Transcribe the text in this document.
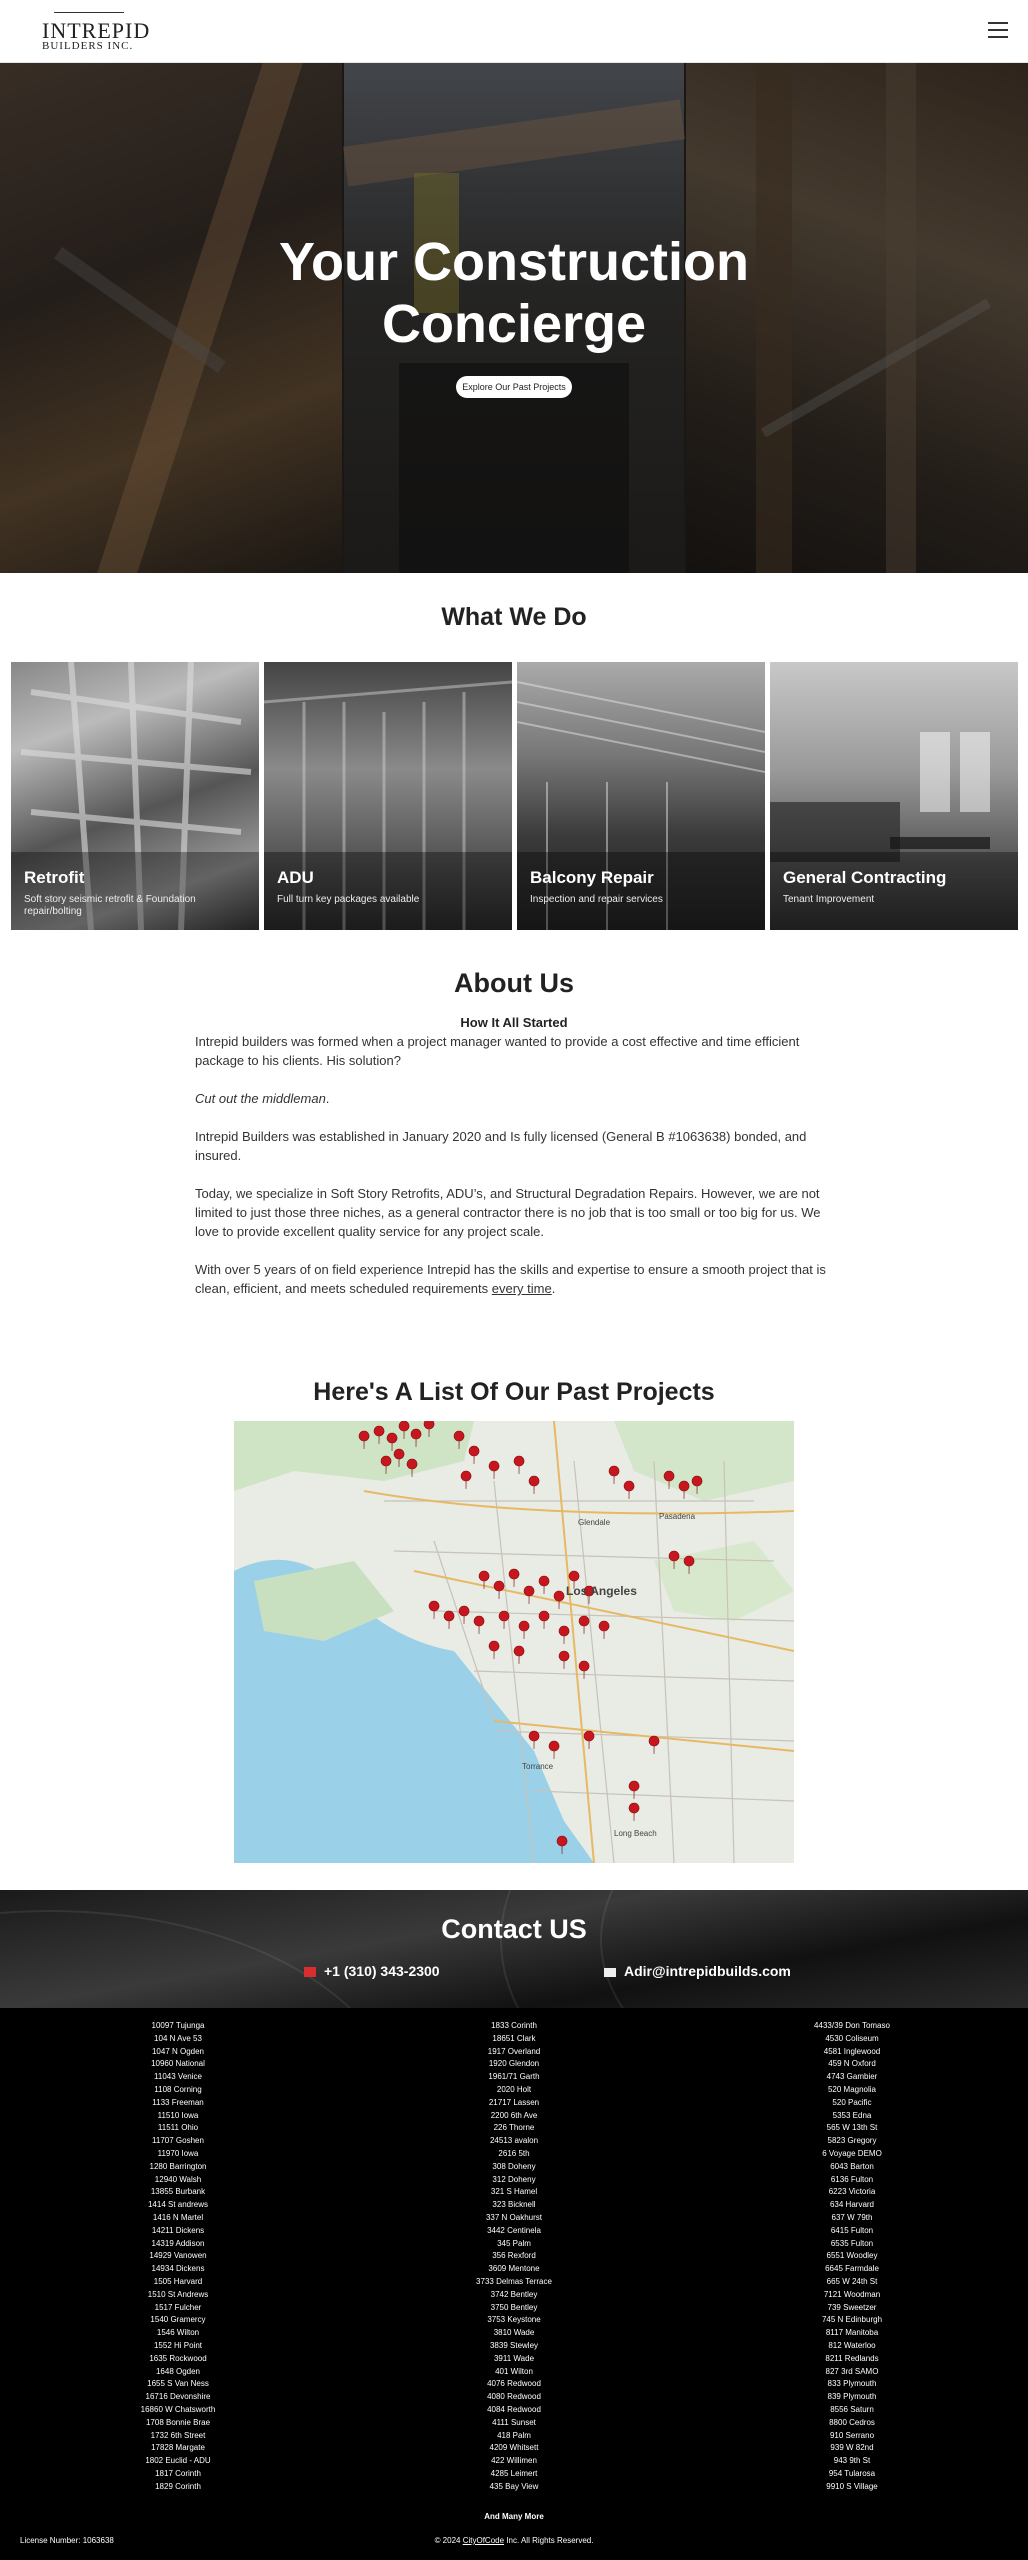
INTREPID
BUILDERS INC.
Your Construction
Concierge
Explore Our Past Projects
What We Do
Retrofit
Soft story seismic retrofit & Foundation repair/bolting
ADU
Full turn key packages available
Balcony Repair
Inspection and repair services
General Contracting
Tenant Improvement
About Us
How It All Started

Intrepid builders was formed when a project manager wanted to provide a cost effective and time efficient package to his clients. His solution?

Cut out the middleman.

Intrepid Builders was established in January 2020 and Is fully licensed (General B #1063638) bonded, and insured.

Today, we specialize in Soft Story Retrofits, ADU’s, and Structural Degradation Repairs. However, we are not limited to just those three niches, as a general contractor there is no job that is too small or too big for us. We love to provide excellent quality service for any project scale.

With over 5 years of on field experience Intrepid has the skills and expertise to ensure a smooth project that is clean, efficient, and meets scheduled requirements every time.

Here's A List Of Our Past Projects
Glendale
Pasadena
Los Angeles
Torrance
Long Beach
Contact US
+1 (310) 343-2300	Adir@intrepidbuilds.com
10097 Tujunga
104 N Ave 53
1047 N Ogden
10960 National
11043 Venice
1108 Corning
1133 Freeman
11510 Iowa
11511 Ohio
11707 Goshen
11970 Iowa
1280 Barrington
12940 Walsh
13855 Burbank
1414 St andrews
1416 N Martel
14211 Dickens
14319 Addison
14929 Vanowen
14934 Dickens
1505 Harvard
1510 St Andrews
1517 Fulcher
1540 Gramercy
1546 Wilton
1552 Hi Point
1635 Rockwood
1648 Ogden
1655 S Van Ness
16716 Devonshire
16860 W Chatsworth
1708 Bonnie Brae
1732 6th Street
17828 Margate
1802 Euclid - ADU
1817 Corinth
1829 Corinth
1833 Corinth
18651 Clark
1917 Overland
1920 Glendon
1961/71 Garth
2020 Holt
21717 Lassen
2200 6th Ave
226 Thorne
24513 avalon
2616 5th
308 Doheny
312 Doheny
321 S Hamel
323 Bicknell
337 N Oakhurst
3442 Centinela
345 Palm
356 Rexford
3609 Mentone
3733 Delmas Terrace
3742 Bentley
3750 Bentley
3753 Keystone
3810 Wade
3839 Stewley
3911 Wade
401 Wilton
4076 Redwood
4080 Redwood
4084 Redwood
4111 Sunset
418 Palm
4209 Whitsett
422 Willimen
4285 Leimert
435 Bay View
4433/39 Don Tomaso
4530 Coliseum
4581 Inglewood
459 N Oxford
4743 Gambier
520 Magnolia
520 Pacific
5353 Edna
565 W 13th St
5823 Gregory
6 Voyage DEMO
6043 Barton
6136 Fulton
6223 Victoria
634 Harvard
637 W 79th
6415 Fulton
6535 Fulton
6551 Woodley
6645 Farmdale
665 W 24th St
7121 Woodman
739 Sweetzer
745 N Edinburgh
8117 Manitoba
812 Waterloo
8211 Redlands
827 3rd SAMO
833 Plymouth
839 Plymouth
8556 Saturn
8800 Cedros
910 Serrano
939 W 82nd
943 9th St
954 Tularosa
9910 S Village
And Many More
License Number: 1063638	© 2024 CityOfCode Inc. All Rights Reserved.
